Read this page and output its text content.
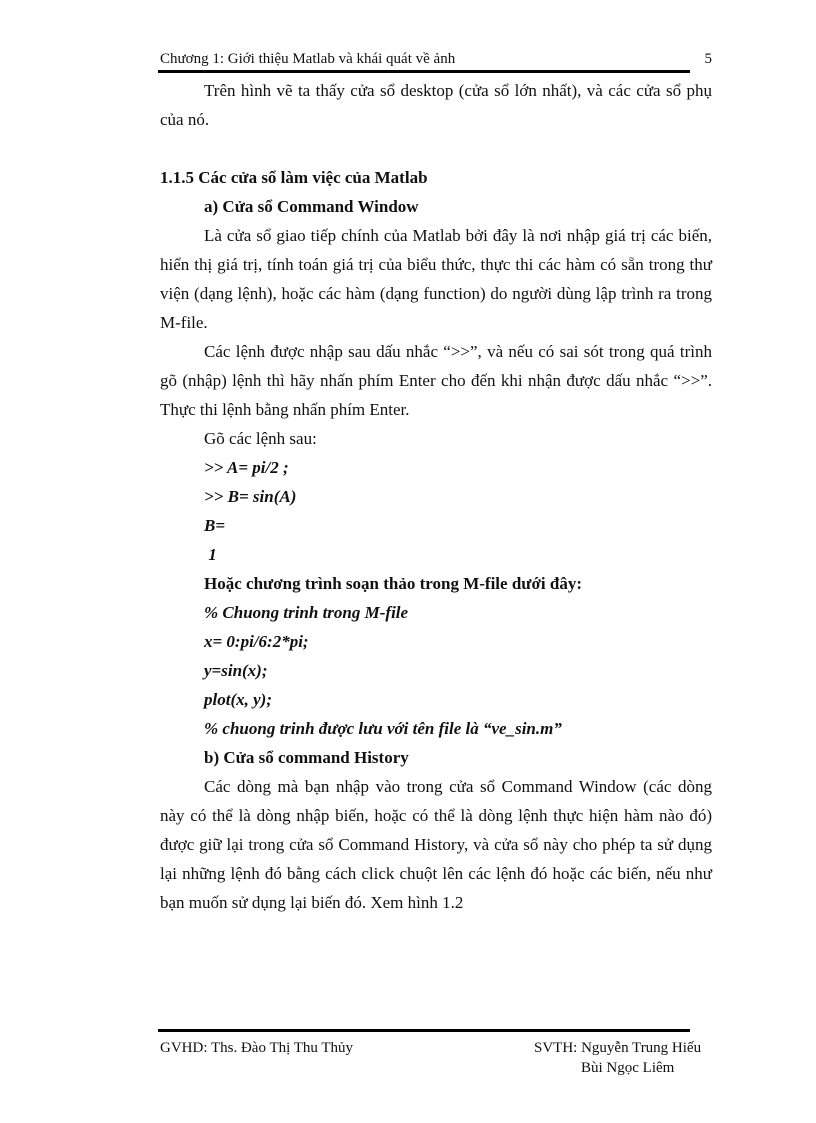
Chương 1: Giới thiệu Matlab và khái quát về ảnh	5

Trên hình vẽ ta thấy cửa sổ desktop (cửa sổ lớn nhất), và các cửa sổ phụ của nó.

1.1.5 Các cửa sổ làm việc của Matlab

a) Cửa sổ Command Window

Là cửa sổ giao tiếp chính của Matlab bởi đây là nơi nhập giá trị các biến, hiển thị giá trị, tính toán giá trị của biểu thức, thực thi các hàm có sẵn trong thư viện (dạng lệnh), hoặc các hàm (dạng function) do người dùng lập trình ra trong M-file.

Các lệnh được nhập sau dấu nhắc “>>”, và nếu có sai sót trong quá trình gõ (nhập) lệnh thì hãy nhấn phím Enter cho đến khi nhận được dấu nhắc “>>”. Thực thi lệnh bằng nhấn phím Enter.

Gõ các lệnh sau:

>> A= pi/2 ;

>> B= sin(A)

B=

1

Hoặc chương trình soạn thảo trong M-file dưới đây:

% Chuong trinh trong M-file

x= 0:pi/6:2*pi;

y=sin(x);

plot(x, y);

% chuong trinh được lưu với tên file là “ve_sin.m”

b) Cửa sổ command History

Các dòng mà bạn nhập vào trong cửa sổ Command Window (các dòng này có thể là dòng nhập biến, hoặc có thể là dòng lệnh thực hiện hàm nào đó) được giữ lại trong cửa sổ Command History, và cửa sổ này cho phép ta sử dụng lại những lệnh đó bằng cách click chuột lên các lệnh đó hoặc các biến, nếu như bạn muốn sử dụng lại biến đó. Xem hình 1.2

GVHD: Ths. Đào Thị Thu Thủy	SVTH: Nguyễn Trung Hiếu
Bùi Ngọc Liêm
